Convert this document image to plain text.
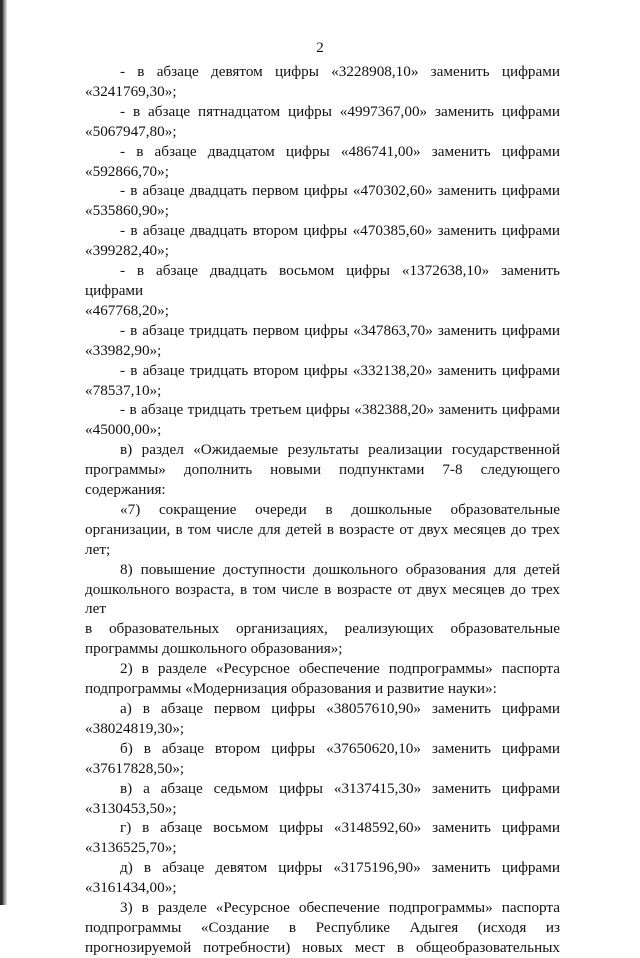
2

- в абзаце девятом цифры «3228908,10» заменить цифрами

«3241769,30»;

- в абзаце пятнадцатом цифры «4997367,00» заменить цифрами

«5067947,80»;

- в абзаце двадцатом цифры «486741,00» заменить цифрами

«592866,70»;

- в абзаце двадцать первом цифры «470302,60» заменить цифрами

«535860,90»;

- в абзаце двадцать втором цифры «470385,60» заменить цифрами

«399282,40»;

- в абзаце двадцать восьмом цифры «1372638,10» заменить цифрами

«467768,20»;

- в абзаце тридцать первом цифры «347863,70» заменить цифрами

«33982,90»;

- в абзаце тридцать втором цифры «332138,20» заменить цифрами

«78537,10»;

- в абзаце тридцать третьем цифры «382388,20» заменить цифрами

«45000,00»;

в) раздел «Ожидаемые результаты реализации государственной

программы» дополнить новыми подпунктами 7-8 следующего содержания:

«7) сокращение очереди в дошкольные образовательные

организации, в том числе для детей в возрасте от двух месяцев до трех лет;

8) повышение доступности дошкольного образования для детей

дошкольного возраста, в том числе в возрасте от двух месяцев до трех лет

в образовательных организациях, реализующих образовательные

программы дошкольного образования»;

2) в разделе «Ресурсное обеспечение подпрограммы» паспорта

подпрограммы «Модернизация образования и развитие науки»:

а) в абзаце первом цифры «38057610,90» заменить цифрами

«38024819,30»;

б) в абзаце втором цифры «37650620,10» заменить цифрами

«37617828,50»;

в) а абзаце седьмом цифры «3137415,30» заменить цифрами

«3130453,50»;

г) в абзаце восьмом цифры «3148592,60» заменить цифрами

«3136525,70»;

д) в абзаце девятом цифры «3175196,90» заменить цифрами

«3161434,00»;

3) в разделе «Ресурсное обеспечение подпрограммы» паспорта

подпрограммы «Создание в Республике Адыгея (исходя из

прогнозируемой потребности) новых мест в общеобразовательных
